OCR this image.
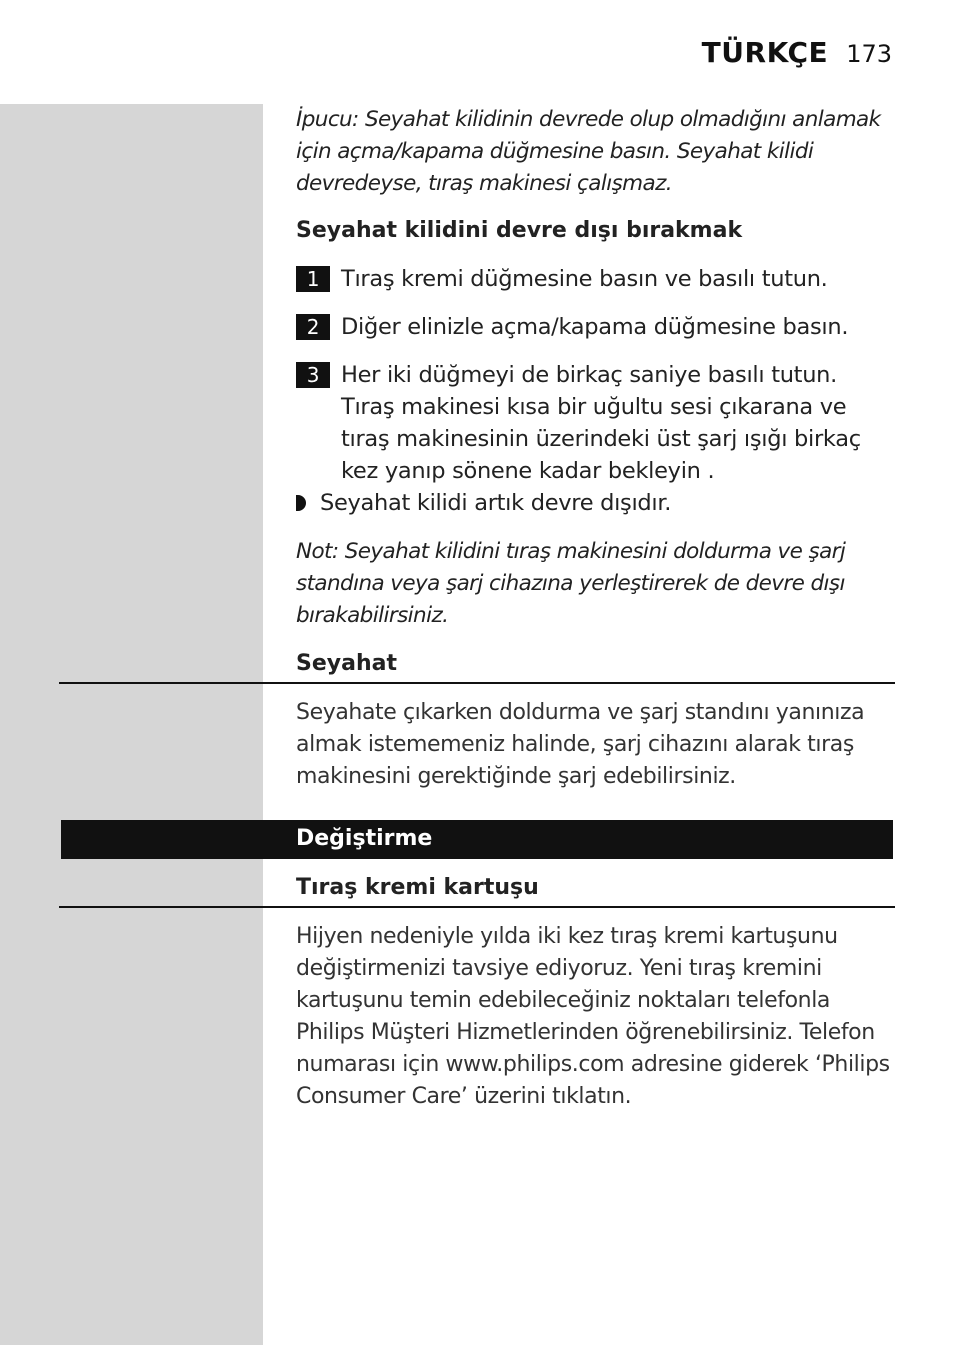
TÜRKÇE 173

İpucu: Seyahat kilidinin devrede olup olmadığını anlamak için açma/kapama düğmesine basın. Seyahat kilidi devredeyse, tıraş makinesi çalışmaz.

Seyahat kilidini devre dışı bırakmak

1 Tıraş kremi düğmesine basın ve basılı tutun.
2 Diğer elinizle açma/kapama düğmesine basın.
3 Her iki düğmeyi de birkaç saniye basılı tutun. Tıraş makinesi kısa bir uğultu sesi çıkarana ve tıraş makinesinin üzerindeki üst şarj ışığı birkaç kez yanıp sönene kadar bekleyin .
Seyahat kilidi artık devre dışıdır.

Not: Seyahat kilidini tıraş makinesini doldurma ve şarj standına veya şarj cihazına yerleştirerek de devre dışı bırakabilirsiniz.

Seyahat

Seyahate çıkarken doldurma ve şarj standını yanınıza almak istememeniz halinde, şarj cihazını alarak tıraş makinesini gerektiğinde şarj edebilirsiniz.

Değiştirme

Tıraş kremi kartuşu

Hijyen nedeniyle yılda iki kez tıraş kremi kartuşunu değiştirmenizi tavsiye ediyoruz. Yeni tıraş kremini kartuşunu temin edebileceğiniz noktaları telefonla Philips Müşteri Hizmetlerinden öğrenebilirsiniz. Telefon numarası için www.philips.com adresine giderek ‘Philips Consumer Care’ üzerini tıklatın.
